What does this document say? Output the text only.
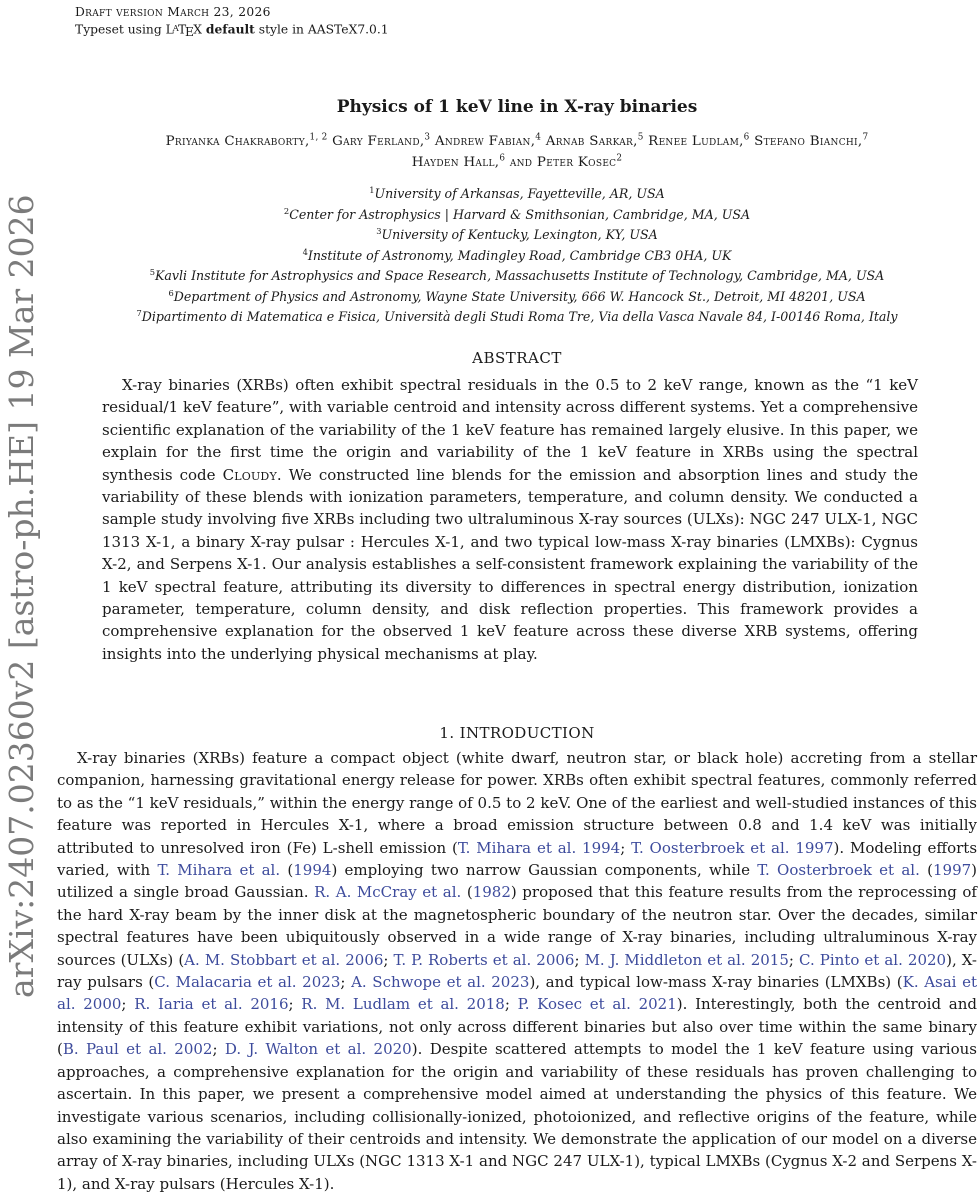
Draft version March 23, 2026
Typeset using LATEX default style in AASTeX7.0.1
arXiv:2407.02360v2 [astro-ph.HE] 19 Mar 2026
Physics of 1 keV line in X-ray binaries
Priyanka Chakraborty,$^{1, 2}$ Gary Ferland,$^3$ Andrew Fabian,$^4$ Arnab Sarkar,$^5$ Renee Ludlam,$^6$ Stefano Bianchi,$^7$
Hayden Hall,$^6$ and Peter Kosec$^2$
$^1$University of Arkansas, Fayetteville, AR, USA
$^2$Center for Astrophysics | Harvard & Smithsonian, Cambridge, MA, USA
$^3$University of Kentucky, Lexington, KY, USA
$^4$Institute of Astronomy, Madingley Road, Cambridge CB3 0HA, UK
$^5$Kavli Institute for Astrophysics and Space Research, Massachusetts Institute of Technology, Cambridge, MA, USA
$^6$Department of Physics and Astronomy, Wayne State University, 666 W. Hancock St., Detroit, MI 48201, USA
$^7$Dipartimento di Matematica e Fisica, Università degli Studi Roma Tre, Via della Vasca Navale 84, I-00146 Roma, Italy
ABSTRACT
X-ray binaries (XRBs) often exhibit spectral residuals in the 0.5 to 2 keV range, known as the “1 keV residual/1 keV feature”, with variable centroid and intensity across different systems. Yet a comprehensive scientific explanation of the variability of the 1 keV feature has remained largely elusive. In this paper, we explain for the first time the origin and variability of the 1 keV feature in XRBs using the spectral synthesis code Cloudy. We constructed line blends for the emission and absorption lines and study the variability of these blends with ionization parameters, temperature, and column density. We conducted a sample study involving five XRBs including two ultraluminous X-ray sources (ULXs): NGC 247 ULX-1, NGC 1313 X-1, a binary X-ray pulsar : Hercules X-1, and two typical low-mass X-ray binaries (LMXBs): Cygnus X-2, and Serpens X-1. Our analysis establishes a self-consistent framework explaining the variability of the 1 keV spectral feature, attributing its diversity to differences in spectral energy distribution, ionization parameter, temperature, column density, and disk reflection properties. This framework provides a comprehensive explanation for the observed 1 keV feature across these diverse XRB systems, offering insights into the underlying physical mechanisms at play.
1. INTRODUCTION
X-ray binaries (XRBs) feature a compact object (white dwarf, neutron star, or black hole) accreting from a stellar companion, harnessing gravitational energy release for power. XRBs often exhibit spectral features, commonly referred to as the “1 keV residuals,” within the energy range of 0.5 to 2 keV. One of the earliest and well-studied instances of this feature was reported in Hercules X-1, where a broad emission structure between 0.8 and 1.4 keV was initially attributed to unresolved iron (Fe) L-shell emission (T. Mihara et al. 1994; T. Oosterbroek et al. 1997). Modeling efforts varied, with T. Mihara et al. (1994) employing two narrow Gaussian components, while T. Oosterbroek et al. (1997) utilized a single broad Gaussian. R. A. McCray et al. (1982) proposed that this feature results from the reprocessing of the hard X-ray beam by the inner disk at the magnetospheric boundary of the neutron star. Over the decades, similar spectral features have been ubiquitously observed in a wide range of X-ray binaries, including ultraluminous X-ray sources (ULXs) (A. M. Stobbart et al. 2006; T. P. Roberts et al. 2006; M. J. Middleton et al. 2015; C. Pinto et al. 2020), X-ray pulsars (C. Malacaria et al. 2023; A. Schwope et al. 2023), and typical low-mass X-ray binaries (LMXBs) (K. Asai et al. 2000; R. Iaria et al. 2016; R. M. Ludlam et al. 2018; P. Kosec et al. 2021). Interestingly, both the centroid and intensity of this feature exhibit variations, not only across different binaries but also over time within the same binary (B. Paul et al. 2002; D. J. Walton et al. 2020). Despite scattered attempts to model the 1 keV feature using various approaches, a comprehensive explanation for the origin and variability of these residuals has proven challenging to ascertain. In this paper, we present a comprehensive model aimed at understanding the physics of this feature. We investigate various scenarios, including collisionally-ionized, photoionized, and reflective origins of the feature, while also examining the variability of their centroids and intensity. We demonstrate the application of our model on a diverse array of X-ray binaries, including ULXs (NGC 1313 X-1 and NGC 247 ULX-1), typical LMXBs (Cygnus X-2 and Serpens X-1), and X-ray pulsars (Hercules X-1).
